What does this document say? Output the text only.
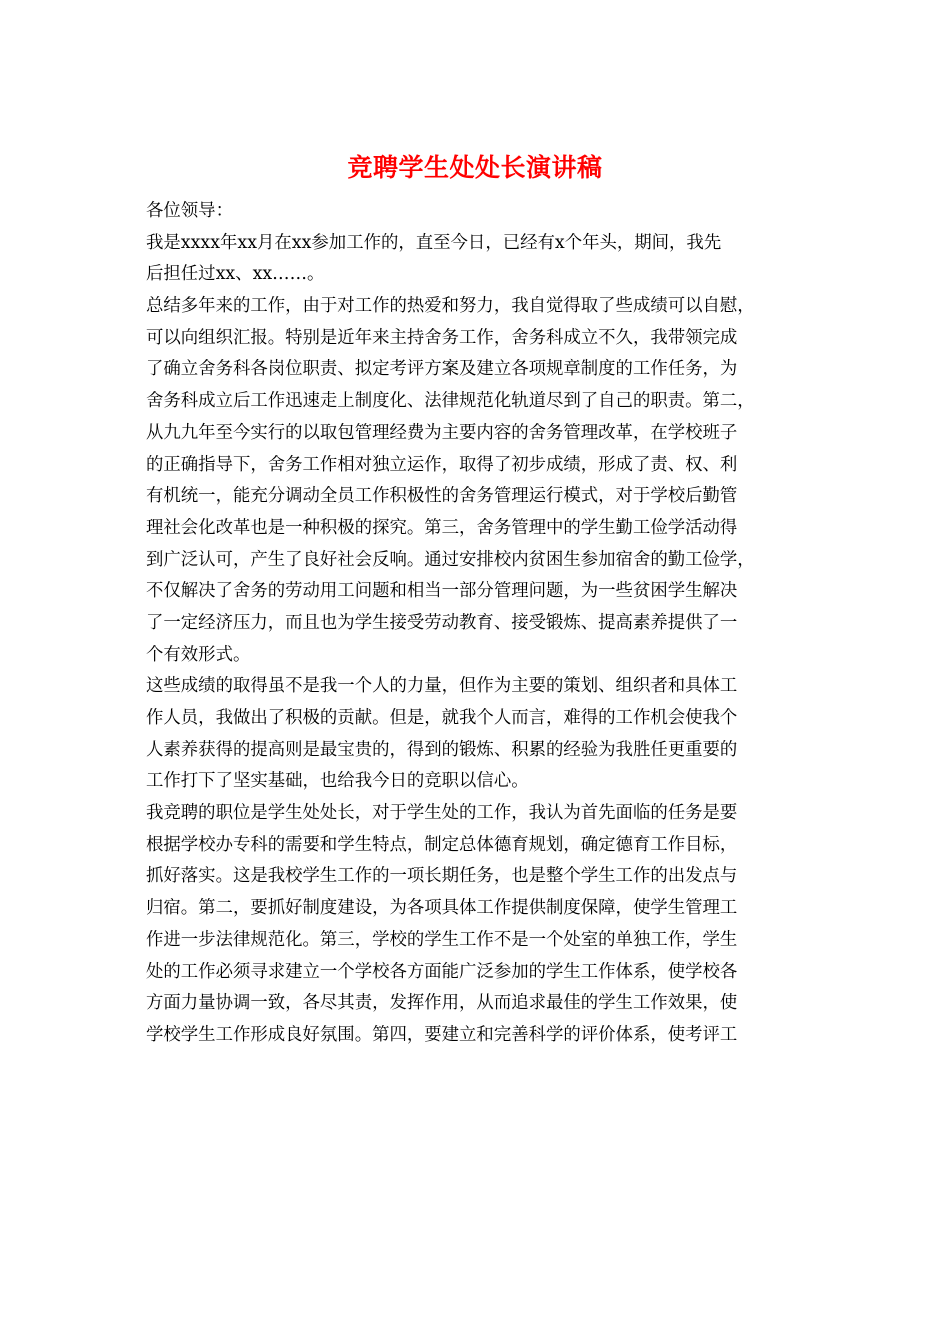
竞聘学生处处长演讲稿
各位领导：
我是xxxx年xx月在xx参加工作的，直至今日，已经有x个年头，期间，我先
后担任过xx、xx……。
总结多年来的工作，由于对工作的热爱和努力，我自觉得取了些成绩可以自慰，
可以向组织汇报。特别是近年来主持舍务工作，舍务科成立不久，我带领完成
了确立舍务科各岗位职责、拟定考评方案及建立各项规章制度的工作任务，为
舍务科成立后工作迅速走上制度化、法律规范化轨道尽到了自己的职责。第二，
从九九年至今实行的以取包管理经费为主要内容的舍务管理改革，在学校班子
的正确指导下，舍务工作相对独立运作，取得了初步成绩，形成了责、权、利
有机统一，能充分调动全员工作积极性的舍务管理运行模式，对于学校后勤管
理社会化改革也是一种积极的探究。第三，舍务管理中的学生勤工俭学活动得
到广泛认可，产生了良好社会反响。通过安排校内贫困生参加宿舍的勤工俭学，
不仅解决了舍务的劳动用工问题和相当一部分管理问题，为一些贫困学生解决
了一定经济压力，而且也为学生接受劳动教育、接受锻炼、提高素养提供了一
个有效形式。
这些成绩的取得虽不是我一个人的力量，但作为主要的策划、组织者和具体工
作人员，我做出了积极的贡献。但是，就我个人而言，难得的工作机会使我个
人素养获得的提高则是最宝贵的，得到的锻炼、积累的经验为我胜任更重要的
工作打下了坚实基础，也给我今日的竞职以信心。
我竞聘的职位是学生处处长，对于学生处的工作，我认为首先面临的任务是要
根据学校办专科的需要和学生特点，制定总体德育规划，确定德育工作目标，
抓好落实。这是我校学生工作的一项长期任务，也是整个学生工作的出发点与
归宿。第二，要抓好制度建设，为各项具体工作提供制度保障，使学生管理工
作进一步法律规范化。第三，学校的学生工作不是一个处室的单独工作，学生
处的工作必须寻求建立一个学校各方面能广泛参加的学生工作体系，使学校各
方面力量协调一致，各尽其责，发挥作用，从而追求最佳的学生工作效果，使
学校学生工作形成良好氛围。第四，要建立和完善科学的评价体系，使考评工
